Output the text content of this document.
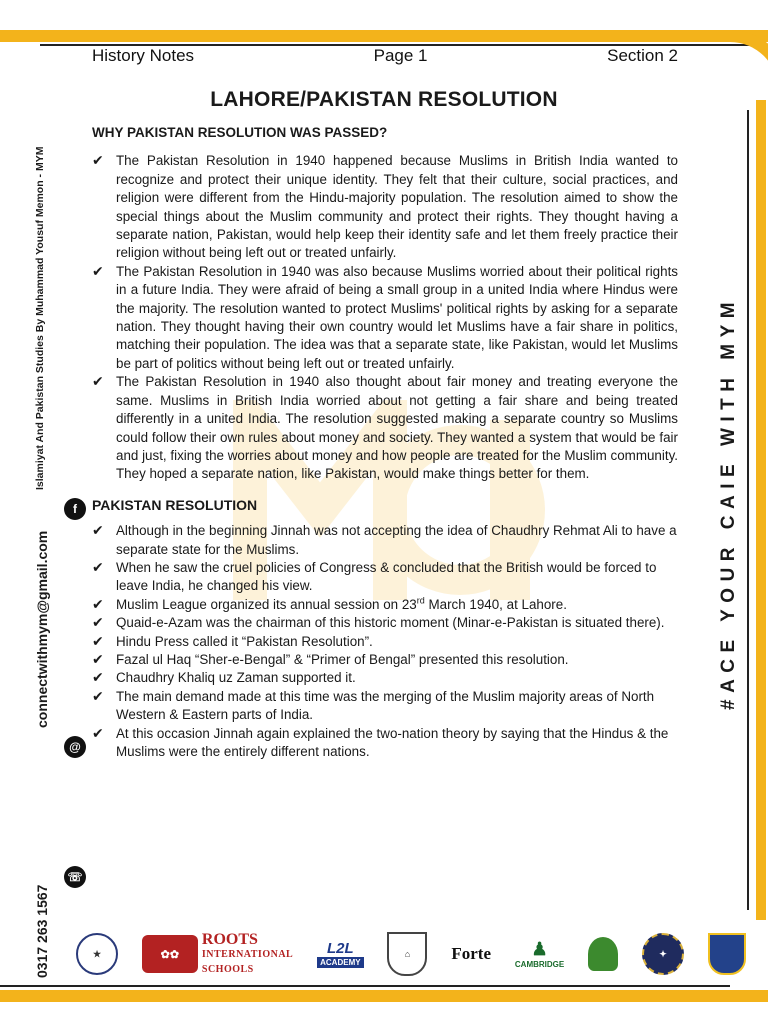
History Notes	Page 1	Section 2
LAHORE/PAKISTAN RESOLUTION
WHY PAKISTAN RESOLUTION WAS PASSED?
✔ The Pakistan Resolution in 1940 happened because Muslims in British India wanted to recognize and protect their unique identity. They felt that their culture, social practices, and religion were different from the Hindu-majority population. The resolution aimed to show the special things about the Muslim community and protect their rights. They thought having a separate nation, Pakistan, would help keep their identity safe and let them freely practice their religion without being left out or treated unfairly.
✔ The Pakistan Resolution in 1940 was also because Muslims worried about their political rights in a future India. They were afraid of being a small group in a united India where Hindus were the majority. The resolution wanted to protect Muslims' political rights by asking for a separate nation. They thought having their own country would let Muslims have a fair share in politics, matching their population. The idea was that a separate state, like Pakistan, would let Muslims be part of politics without being left out or treated unfairly.
✔ The Pakistan Resolution in 1940 also thought about fair money and treating everyone the same. Muslims in British India worried about not getting a fair share and being treated differently in a united India. The resolution suggested making a separate country so Muslims could follow their own rules about money and society. They wanted a system that would be fair and just, fixing the worries about money and how people are treated for the Muslim community. They hoped a separate nation, like Pakistan, would make things better for them.
PAKISTAN RESOLUTION
✔ Although in the beginning Jinnah was not accepting the idea of Chaudhry Rehmat Ali to have a separate state for the Muslims.
✔ When he saw the cruel policies of Congress & concluded that the British would be forced to leave India, he changed his view.
✔ Muslim League organized its annual session on 23rd March 1940, at Lahore.
✔ Quaid-e-Azam was the chairman of this historic moment (Minar-e-Pakistan is situated there).
✔ Hindu Press called it “Pakistan Resolution”.
✔ Fazal ul Haq “Sher-e-Bengal” & “Primer of Bengal” presented this resolution.
✔ Chaudhry Khaliq uz Zaman supported it.
✔ The main demand made at this time was the merging of the Muslim majority areas of North Western & Eastern parts of India.
✔ At this occasion Jinnah again explained the two-nation theory by saying that the Hindus & the Muslims were the entirely different nations.
☏
0317 263 1567
@
connectwithmym@gmail.com
f
Islamiyat And Pakistan Studies By Muhammad Yousuf Memon - MYM	#ACE YOUR CAIE WITH MYM
★	✿✿
ROOTS
INTERNATIONAL
SCHOOLS
L2L
ACADEMY
⌂	Forte ♟
CAMBRIDGE
✦
